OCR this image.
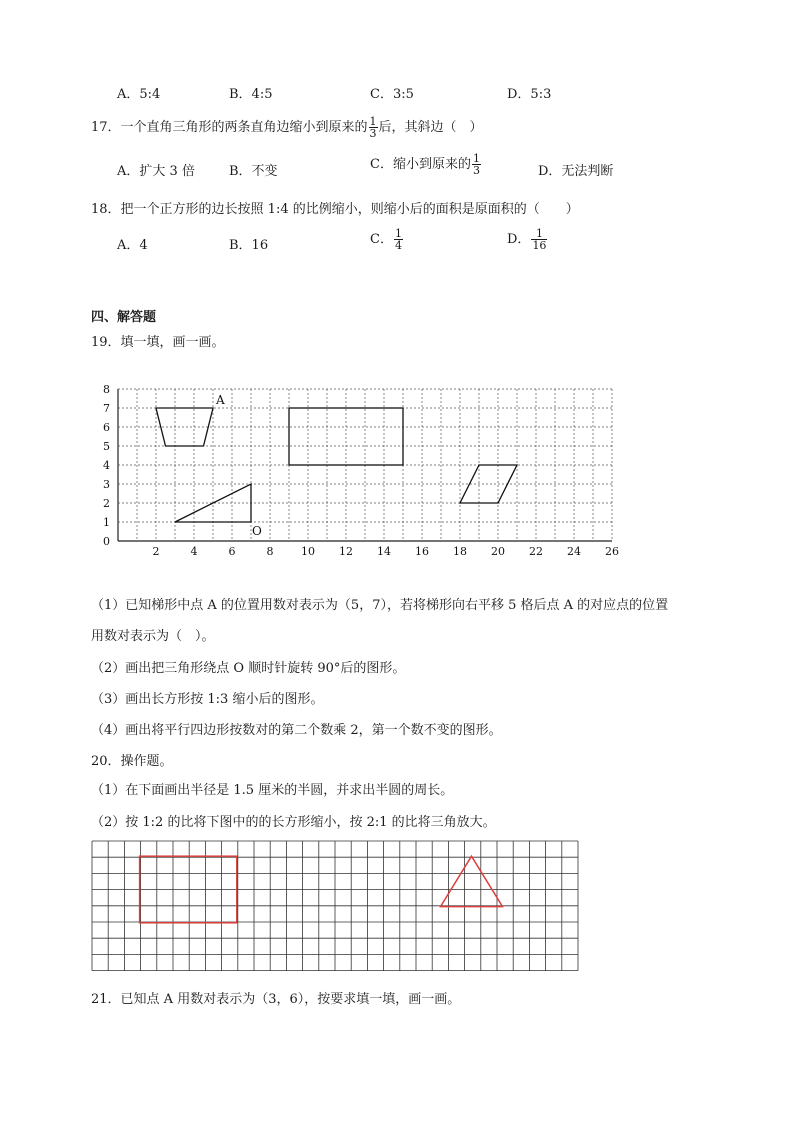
A．5:4	B．4:5	C．3:5	D．5:3
17．一个直角三角形的两条直角边缩小到原来的 $\frac{1}{3}$ 后，其斜边（　）
A．扩大 3 倍	B．不变	C．缩小到原来的 $\frac{1}{3}$	D．无法判断
18．把一个正方形的边长按照 1:4 的比例缩小，则缩小后的面积是原面积的（　　）
A．4	B．16	C． $\frac{1}{4}$	D． $\frac{1}{16}$
四、解答题
19．填一填，画一画。
0
1
2
3
4
5
6
7
8
2	4	6	8	10 12 14 16 18 20 22 24 26
A
O
（1）已知梯形中点 A 的位置用数对表示为（5，7），若将梯形向右平移 5 格后点 A 的对应点的位置
用数对表示为（　）。
（2）画出把三角形绕点 O 顺时针旋转 90°后的图形。
（3）画出长方形按 1:3 缩小后的图形。
（4）画出将平行四边形按数对的第二个数乘 2，第一个数不变的图形。
20．操作题。
（1）在下面画出半径是 1.5 厘米的半圆，并求出半圆的周长。
（2）按 1:2 的比将下图中的的长方形缩小，按 2:1 的比将三角放大。
21．已知点 A 用数对表示为（3，6），按要求填一填，画一画。
